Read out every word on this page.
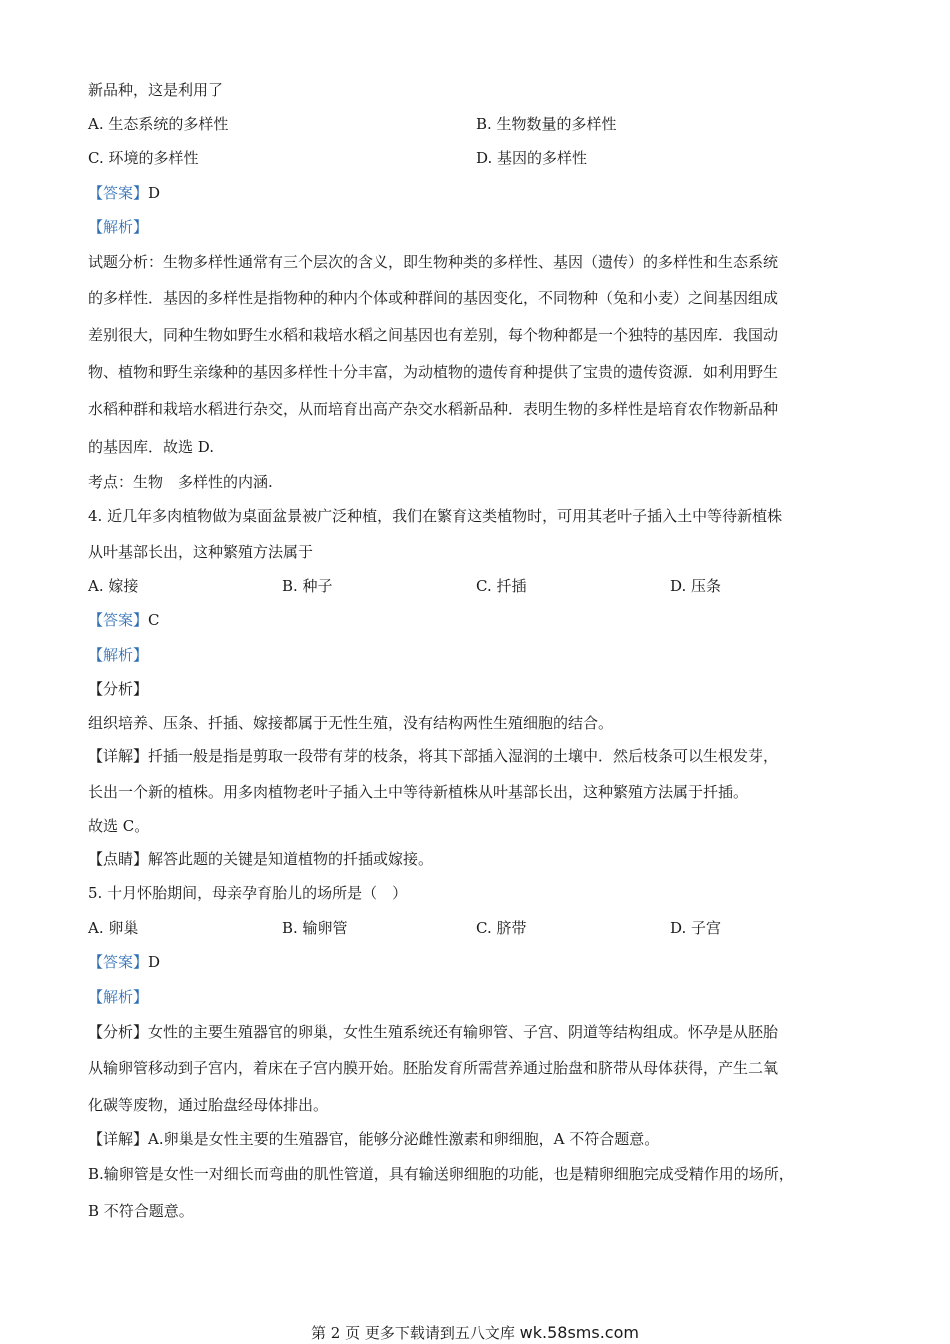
新品种，这是利用了
A. 生态系统的多样性	B. 生物数量的多样性
C. 环境的多样性	D. 基因的多样性
【答案】D
【解析】
试题分析：生物多样性通常有三个层次的含义，即生物种类的多样性、基因（遗传）的多样性和生态系统
的多样性．基因的多样性是指物种的种内个体或种群间的基因变化，不同物种（兔和小麦）之间基因组成
差别很大，同种生物如野生水稻和栽培水稻之间基因也有差别，每个物种都是一个独特的基因库．我国动
物、植物和野生亲缘种的基因多样性十分丰富，为动植物的遗传育种提供了宝贵的遗传资源．如利用野生
水稻种群和栽培水稻进行杂交，从而培育出高产杂交水稻新品种．表明生物的多样性是培育农作物新品种
的基因库．故选 D.
考点：生物　多样性的内涵.
4. 近几年多肉植物做为桌面盆景被广泛种植，我们在繁育这类植物时，可用其老叶子插入土中等待新植株
从叶基部长出，这种繁殖方法属于
A. 嫁接	B. 种子	C. 扦插	D. 压条
【答案】C
【解析】
【分析】
组织培养、压条、扦插、嫁接都属于无性生殖，没有结构两性生殖细胞的结合。
【详解】扦插一般是指是剪取一段带有芽的枝条，将其下部插入湿润的土壤中．然后枝条可以生根发芽，
长出一个新的植株。用多肉植物老叶子插入土中等待新植株从叶基部长出，这种繁殖方法属于扦插。
故选 C。
【点睛】解答此题的关键是知道植物的扦插或嫁接。
5. 十月怀胎期间，母亲孕育胎儿的场所是（　）
A. 卵巢	B. 输卵管	C. 脐带	D. 子宫
【答案】D
【解析】
【分析】女性的主要生殖器官的卵巢，女性生殖系统还有输卵管、子宫、阴道等结构组成。怀孕是从胚胎
从输卵管移动到子宫内，着床在子宫内膜开始。胚胎发育所需营养通过胎盘和脐带从母体获得，产生二氧
化碳等废物，通过胎盘经母体排出。
【详解】A.卵巢是女性主要的生殖器官，能够分泌雌性激素和卵细胞，A 不符合题意。
B.输卵管是女性一对细长而弯曲的肌性管道，具有输送卵细胞的功能，也是精卵细胞完成受精作用的场所，
B 不符合题意。
第 2 页 更多下载请到五八文库 wk.58sms.com
